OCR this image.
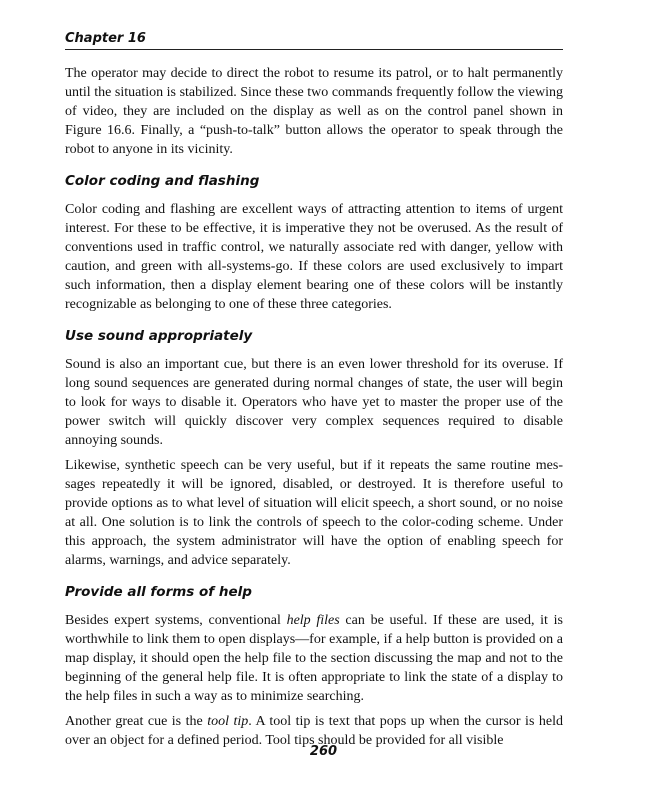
Chapter 16

The operator may decide to direct the robot to resume its patrol, or to halt permanently until the situation is stabilized. Since these two commands frequently follow the viewing of video, they are included on the display as well as on the control panel shown in Figure 16.6. Finally, a “push-to-talk” button allows the operator to speak through the robot to anyone in its vicinity.

Color coding and flashing

Color coding and flashing are excellent ways of attracting attention to items of urgent interest. For these to be effective, it is imperative they not be overused. As the result of conventions used in traffic control, we naturally associate red with danger, yellow with caution, and green with all-systems-go. If these colors are used exclusively to impart such information, then a display element bearing one of these colors will be instantly recognizable as belonging to one of these three categories.

Use sound appropriately

Sound is also an important cue, but there is an even lower threshold for its overuse. If long sound sequences are generated during normal changes of state, the user will begin to look for ways to disable it. Operators who have yet to master the proper use of the power switch will quickly discover very complex sequences required to disable annoying sounds.

Likewise, synthetic speech can be very useful, but if it repeats the same routine messages repeatedly it will be ignored, disabled, or destroyed. It is therefore useful to provide options as to what level of situation will elicit speech, a short sound, or no noise at all. One solution is to link the controls of speech to the color-coding scheme. Under this approach, the system administrator will have the option of enabling speech for alarms, warnings, and advice separately.

Provide all forms of help

Besides expert systems, conventional help files can be useful. If these are used, it is worthwhile to link them to open displays—for example, if a help button is provided on a map display, it should open the help file to the section discussing the map and not to the beginning of the general help file. It is often appropriate to link the state of a display to the help files in such a way as to minimize searching.

Another great cue is the tool tip. A tool tip is text that pops up when the cursor is held over an object for a defined period. Tool tips should be provided for all visible

260
